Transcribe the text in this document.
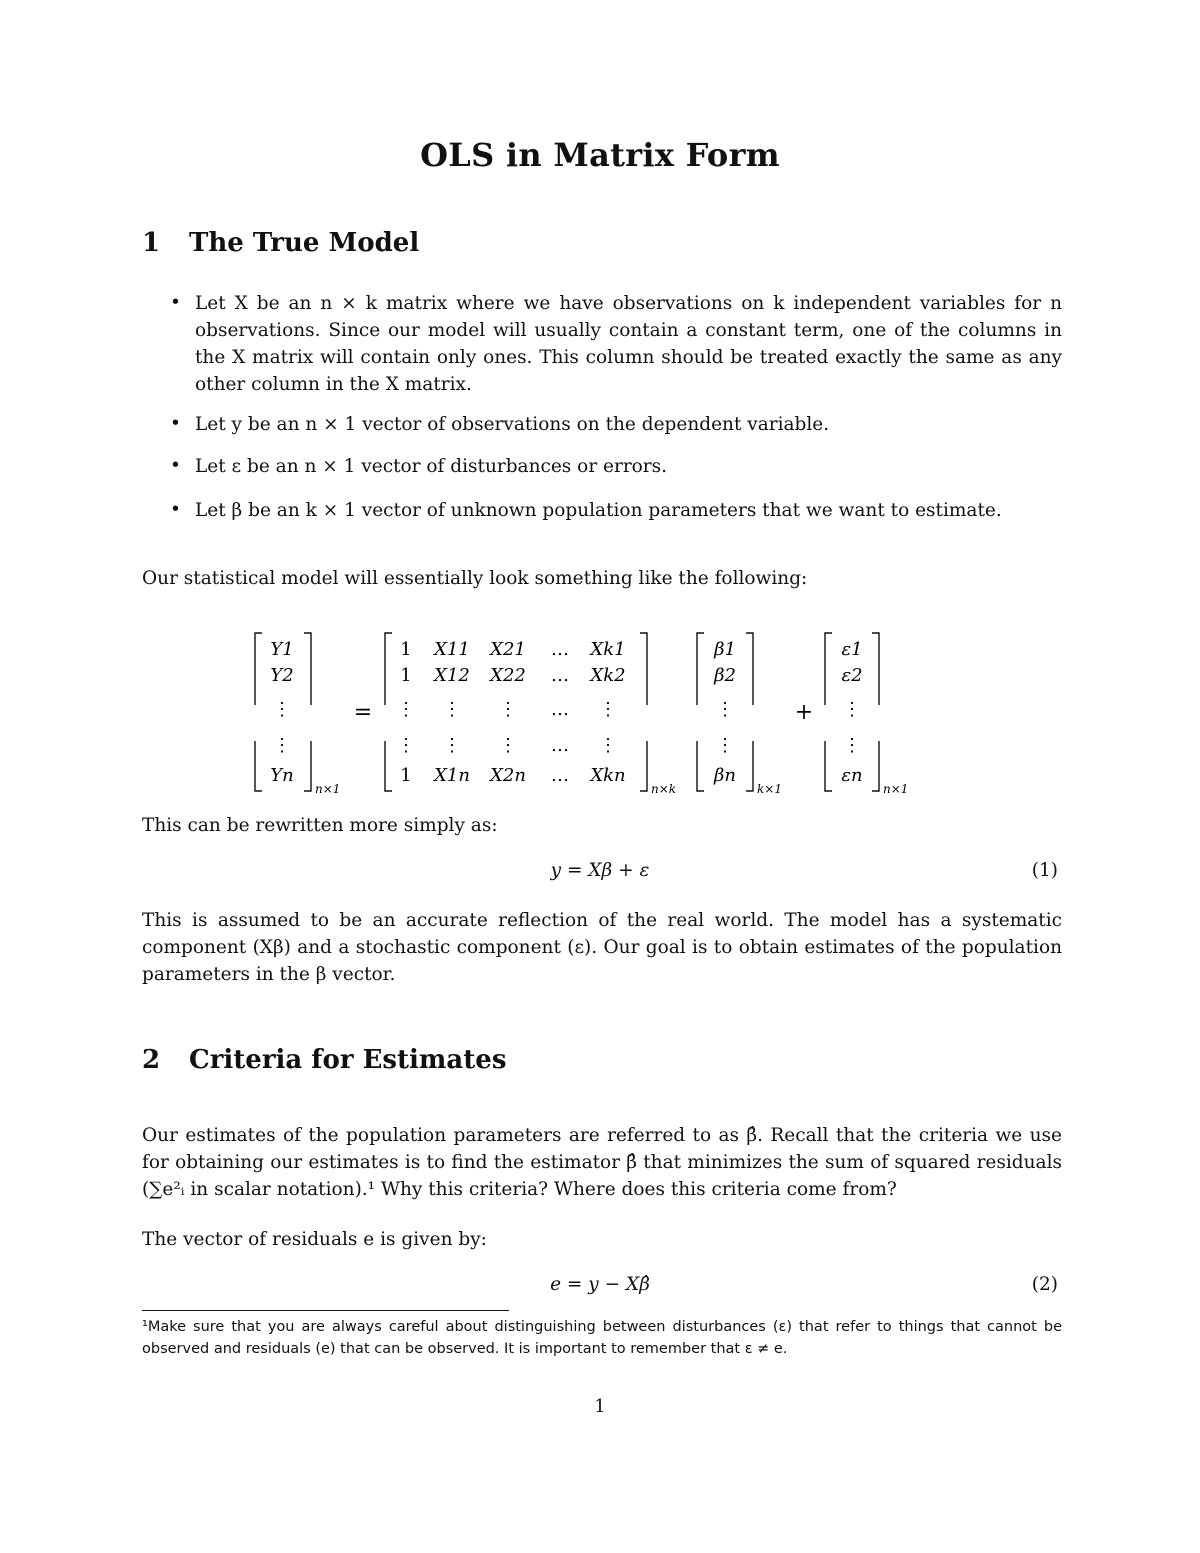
OLS in Matrix Form
1 The True Model
• Let X be an n × k matrix where we have observations on k independent variables for n observations. Since our model will usually contain a constant term, one of the columns in the X matrix will contain only ones. This column should be treated exactly the same as any other column in the X matrix.
• Let y be an n × 1 vector of observations on the dependent variable.
• Let ε be an n × 1 vector of disturbances or errors.
• Let β be an k × 1 vector of unknown population parameters that we want to estimate.
Our statistical model will essentially look something like the following:
Y1
Y2
⋮
⋮
Yn
n×1
=
1 X11 X21 … Xk1
1 X12 X22 … Xk2
⋮ ⋮ ⋮ … ⋮
⋮ ⋮ ⋮ … ⋮
1 X1n X2n … Xkn
n×k
β1
β2
⋮
⋮
βn
k×1
+
ε1
ε2
⋮
⋮
εn
n×1
This can be rewritten more simply as:
y = Xβ + ε	(1)
This is assumed to be an accurate reflection of the real world. The model has a systematic component (Xβ) and a stochastic component (ε). Our goal is to obtain estimates of the population parameters in the β vector.
2 Criteria for Estimates
Our estimates of the population parameters are referred to as β̂. Recall that the criteria we use for obtaining our estimates is to find the estimator β̂ that minimizes the sum of squared residuals (∑e²ᵢ in scalar notation).¹ Why this criteria? Where does this criteria come from?
The vector of residuals e is given by:
e = y − Xβ̂	(2)
¹Make sure that you are always careful about distinguishing between disturbances (ε) that refer to things that cannot be observed and residuals (e) that can be observed. It is important to remember that ε ≠ e.
1
